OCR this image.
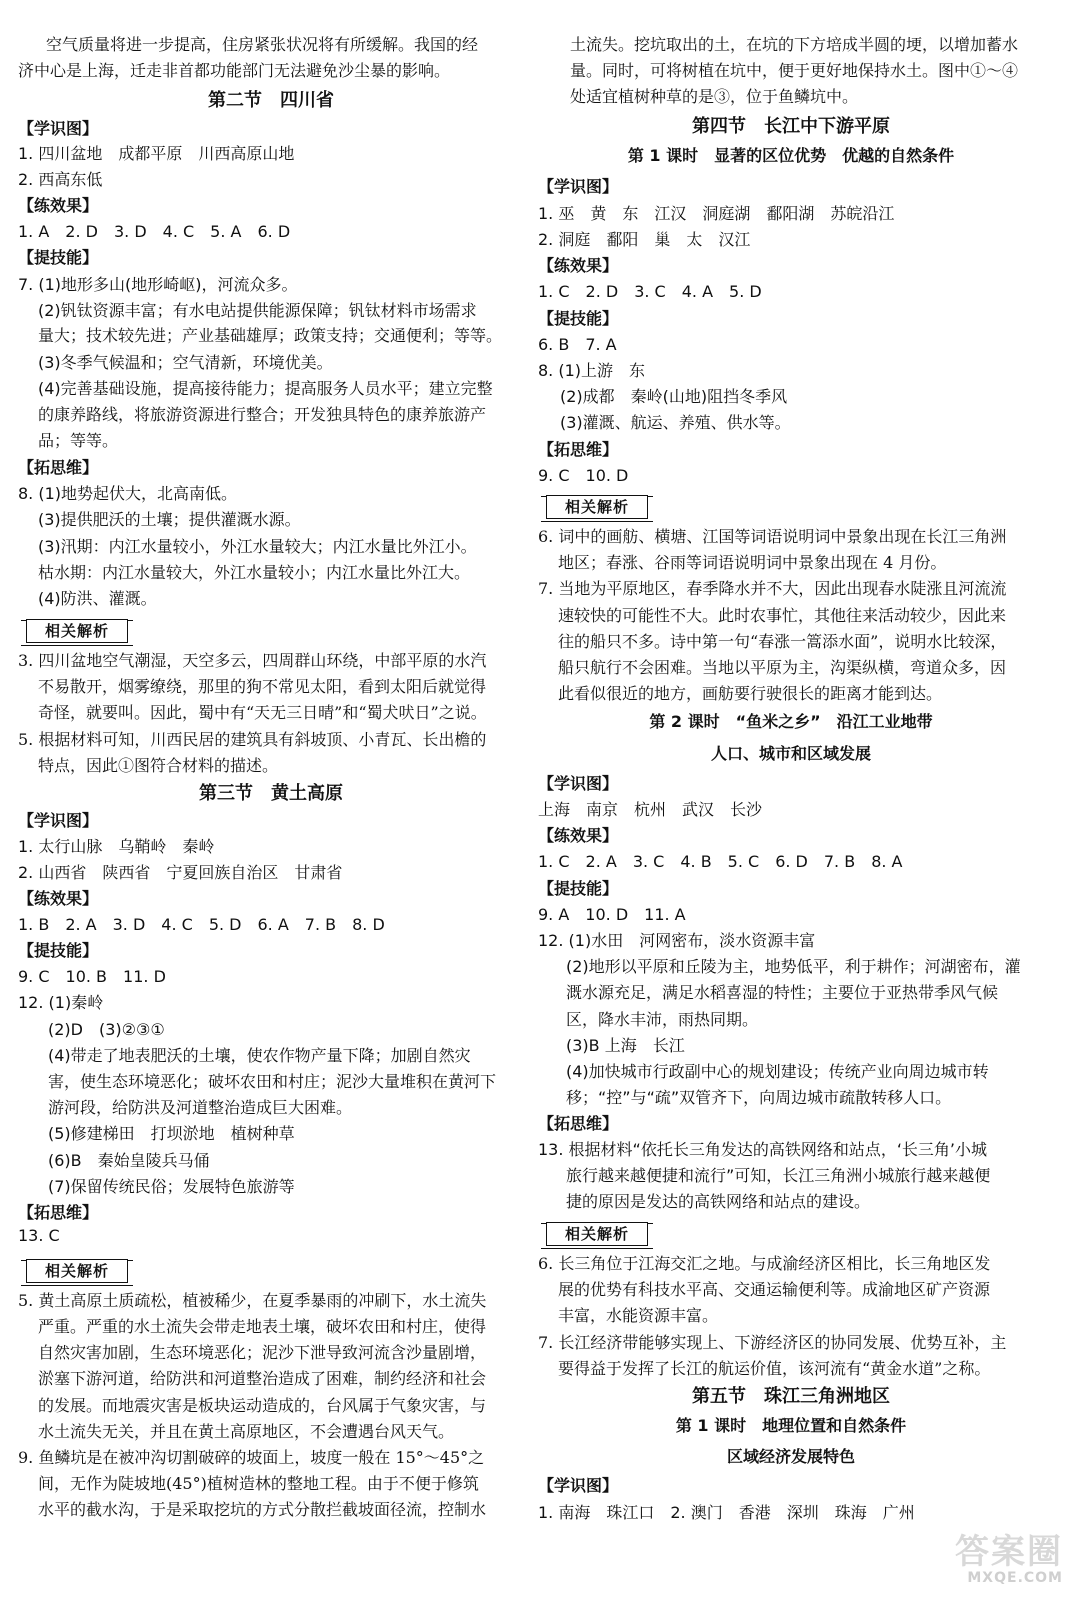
空气质量将进一步提高，住房紧张状况将有所缓解。我国的经
济中心是上海，迁走非首都功能部门无法避免沙尘暴的影响。
第二节　四川省
【学识图】
1. 四川盆地　成都平原　川西高原山地
2. 西高东低
【练效果】
1. A　2. D　3. D　4. C　5. A　6. D
【提技能】
7. (1)地形多山(地形崎岖)，河流众多。
(2)钒钛资源丰富；有水电站提供能源保障；钒钛材料市场需求
量大；技术较先进；产业基础雄厚；政策支持；交通便利；等等。
(3)冬季气候温和；空气清新，环境优美。
(4)完善基础设施，提高接待能力；提高服务人员水平；建立完整
的康养路线，将旅游资源进行整合；开发独具特色的康养旅游产
品；等等。
【拓思维】
8. (1)地势起伏大，北高南低。
(3)提供肥沃的土壤；提供灌溉水源。
(3)汛期：内江水量较小，外江水量较大；内江水量比外江小。
枯水期：内江水量较大，外江水量较小；内江水量比外江大。
(4)防洪、灌溉。
相关解析
3. 四川盆地空气潮湿，天空多云，四周群山环绕，中部平原的水汽
不易散开，烟雾缭绕，那里的狗不常见太阳，看到太阳后就觉得
奇怪，就要叫。因此，蜀中有“天无三日晴”和“蜀犬吠日”之说。
5. 根据材料可知，川西民居的建筑具有斜坡顶、小青瓦、长出檐的
特点，因此①图符合材料的描述。
第三节　黄土高原
【学识图】
1. 太行山脉　乌鞘岭　秦岭
2. 山西省　陕西省　宁夏回族自治区　甘肃省
【练效果】
1. B　2. A　3. D　4. C　5. D　6. A　7. B　8. D
【提技能】
9. C　10. B　11. D
12. (1)秦岭
(2)D　(3)②③①
(4)带走了地表肥沃的土壤，使农作物产量下降；加剧自然灾
害，使生态环境恶化；破坏农田和村庄；泥沙大量堆积在黄河下
游河段，给防洪及河道整治造成巨大困难。
(5)修建梯田　打坝淤地　植树种草
(6)B　秦始皇陵兵马俑
(7)保留传统民俗；发展特色旅游等
【拓思维】
13. C
相关解析
5. 黄土高原土质疏松，植被稀少，在夏季暴雨的冲刷下，水土流失
严重。严重的水土流失会带走地表土壤，破坏农田和村庄，使得
自然灾害加剧，生态环境恶化；泥沙下泄导致河流含沙量剧增，
淤塞下游河道，给防洪和河道整治造成了困难，制约经济和社会
的发展。而地震灾害是板块运动造成的，台风属于气象灾害，与
水土流失无关，并且在黄土高原地区，不会遭遇台风天气。
9. 鱼鳞坑是在被冲沟切割破碎的坡面上，坡度一般在 15°～45°之
间，无作为陡坡地(45°)植树造林的整地工程。由于不便于修筑
水平的截水沟，于是采取挖坑的方式分散拦截坡面径流，控制水
土流失。挖坑取出的土，在坑的下方培成半圆的埂，以增加蓄水
量。同时，可将树植在坑中，便于更好地保持水土。图中①～④
处适宜植树种草的是③，位于鱼鳞坑中。
第四节　长江中下游平原
第 1 课时　显著的区位优势　优越的自然条件
【学识图】
1. 巫　黄　东　江汉　洞庭湖　鄱阳湖　苏皖沿江
2. 洞庭　鄱阳　巢　太　汉江
【练效果】
1. C　2. D　3. C　4. A　5. D
【提技能】
6. B　7. A
8. (1)上游　东
(2)成都　秦岭(山地)阻挡冬季风
(3)灌溉、航运、养殖、供水等。
【拓思维】
9. C　10. D
相关解析
6. 词中的画舫、横塘、江国等词语说明词中景象出现在长江三角洲
地区；春涨、谷雨等词语说明词中景象出现在 4 月份。
7. 当地为平原地区，春季降水并不大，因此出现春水陡涨且河流流
速较快的可能性不大。此时农事忙，其他往来活动较少，因此来
往的船只不多。诗中第一句“春涨一篙添水面”，说明水比较深，
船只航行不会困难。当地以平原为主，沟渠纵横，弯道众多，因
此看似很近的地方，画舫要行驶很长的距离才能到达。
第 2 课时　“鱼米之乡”　沿江工业地带
人口、城市和区域发展
【学识图】
上海　南京　杭州　武汉　长沙
【练效果】
1. C　2. A　3. C　4. B　5. C　6. D　7. B　8. A
【提技能】
9. A　10. D　11. A
12. (1)水田　河网密布，淡水资源丰富
(2)地形以平原和丘陵为主，地势低平，利于耕作；河湖密布，灌
溉水源充足，满足水稻喜湿的特性；主要位于亚热带季风气候
区，降水丰沛，雨热同期。
(3)B 上海　长江
(4)加快城市行政副中心的规划建设；传统产业向周边城市转
移；“控”与“疏”双管齐下，向周边城市疏散转移人口。
【拓思维】
13. 根据材料“依托长三角发达的高铁网络和站点，‘长三角’小城
旅行越来越便捷和流行”可知，长江三角洲小城旅行越来越便
捷的原因是发达的高铁网络和站点的建设。
相关解析
6. 长三角位于江海交汇之地。与成渝经济区相比，长三角地区发
展的优势有科技水平高、交通运输便利等。成渝地区矿产资源
丰富，水能资源丰富。
7. 长江经济带能够实现上、下游经济区的协同发展、优势互补，主
要得益于发挥了长江的航运价值，该河流有“黄金水道”之称。
第五节　珠江三角洲地区
第 1 课时　地理位置和自然条件
区域经济发展特色
【学识图】
1. 南海　珠江口　2. 澳门　香港　深圳　珠海　广州
答案圈
MXQE.COM
